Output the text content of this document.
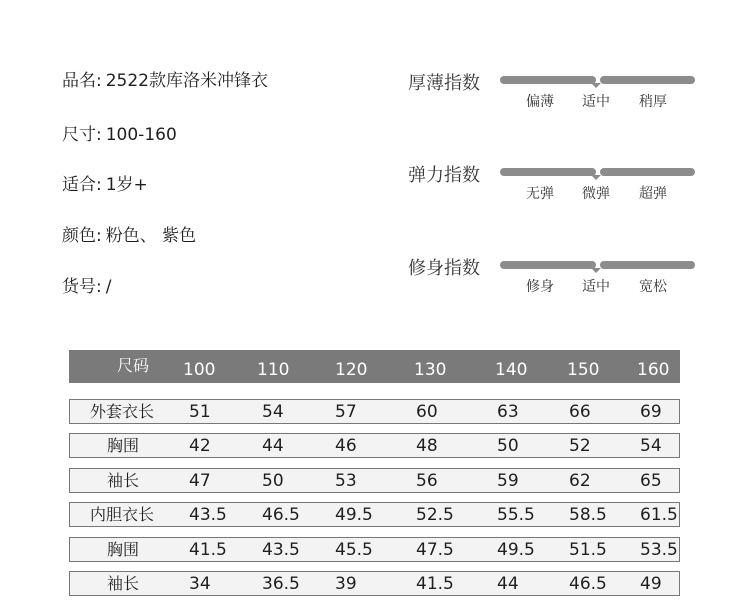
品名: 2522款库洛米冲锋衣
尺寸: 100-160
适合: 1岁+
颜色: 粉色、 紫色
货号: /
厚薄指数
偏薄 适中 稍厚
弹力指数
无弹 微弹 超弹
修身指数
修身 适中 宽松
尺码 100 110	120	130	140 150 160
外套衣长 51	54	57	60	63	66	69
胸围	42	44	46	48	50	52	54
袖长	47	50	53	56	59	62	65
内胆衣长 43.5 46.5 49.5	52.5	55.5 58.5 61.5
胸围	41.5 43.5 45.5	47.5	49.5 51.5 53.5
袖长	34	36.5 39	41.5	44	46.5 49
